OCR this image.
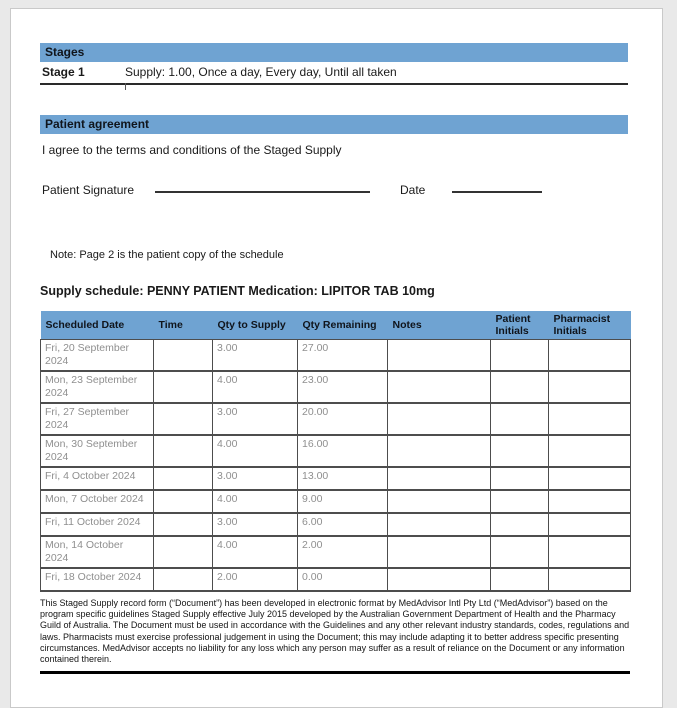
Stages
Stage 1	Supply: 1.00, Once a day, Every day, Until all taken
Patient agreement
I agree to the terms and conditions of the Staged Supply
Patient Signature	Date
Note: Page 2 is the patient copy of the schedule
Supply schedule: PENNY PATIENT Medication: LIPITOR TAB 10mg
Scheduled Date	Time	Qty to Supply	Qty Remaining	Notes	Patient Initials	Pharmacist Initials
Fri, 20 September 2024		3.00	27.00			
Mon, 23 September 2024		4.00	23.00			
Fri, 27 September 2024		3.00	20.00			
Mon, 30 September 2024		4.00	16.00			
Fri, 4 October 2024		3.00	13.00			
Mon, 7 October 2024		4.00	9.00			
Fri, 11 October 2024		3.00	6.00			
Mon, 14 October 2024		4.00	2.00			
Fri, 18 October 2024		2.00	0.00			
This Staged Supply record form (“Document”) has been developed in electronic format by MedAdvisor Intl Pty Ltd (“MedAdvisor”) based on the program specific guidelines Staged Supply effective July 2015 developed by the Australian Government Department of Health and the Pharmacy Guild of Australia. The Document must be used in accordance with the Guidelines and any other relevant industry standards, codes, regulations and laws. Pharmacists must exercise professional judgement in using the Document; this may include adapting it to better address specific presenting circumstances. MedAdvisor accepts no liability for any loss which any person may suffer as a result of reliance on the Document or any information contained therein.
